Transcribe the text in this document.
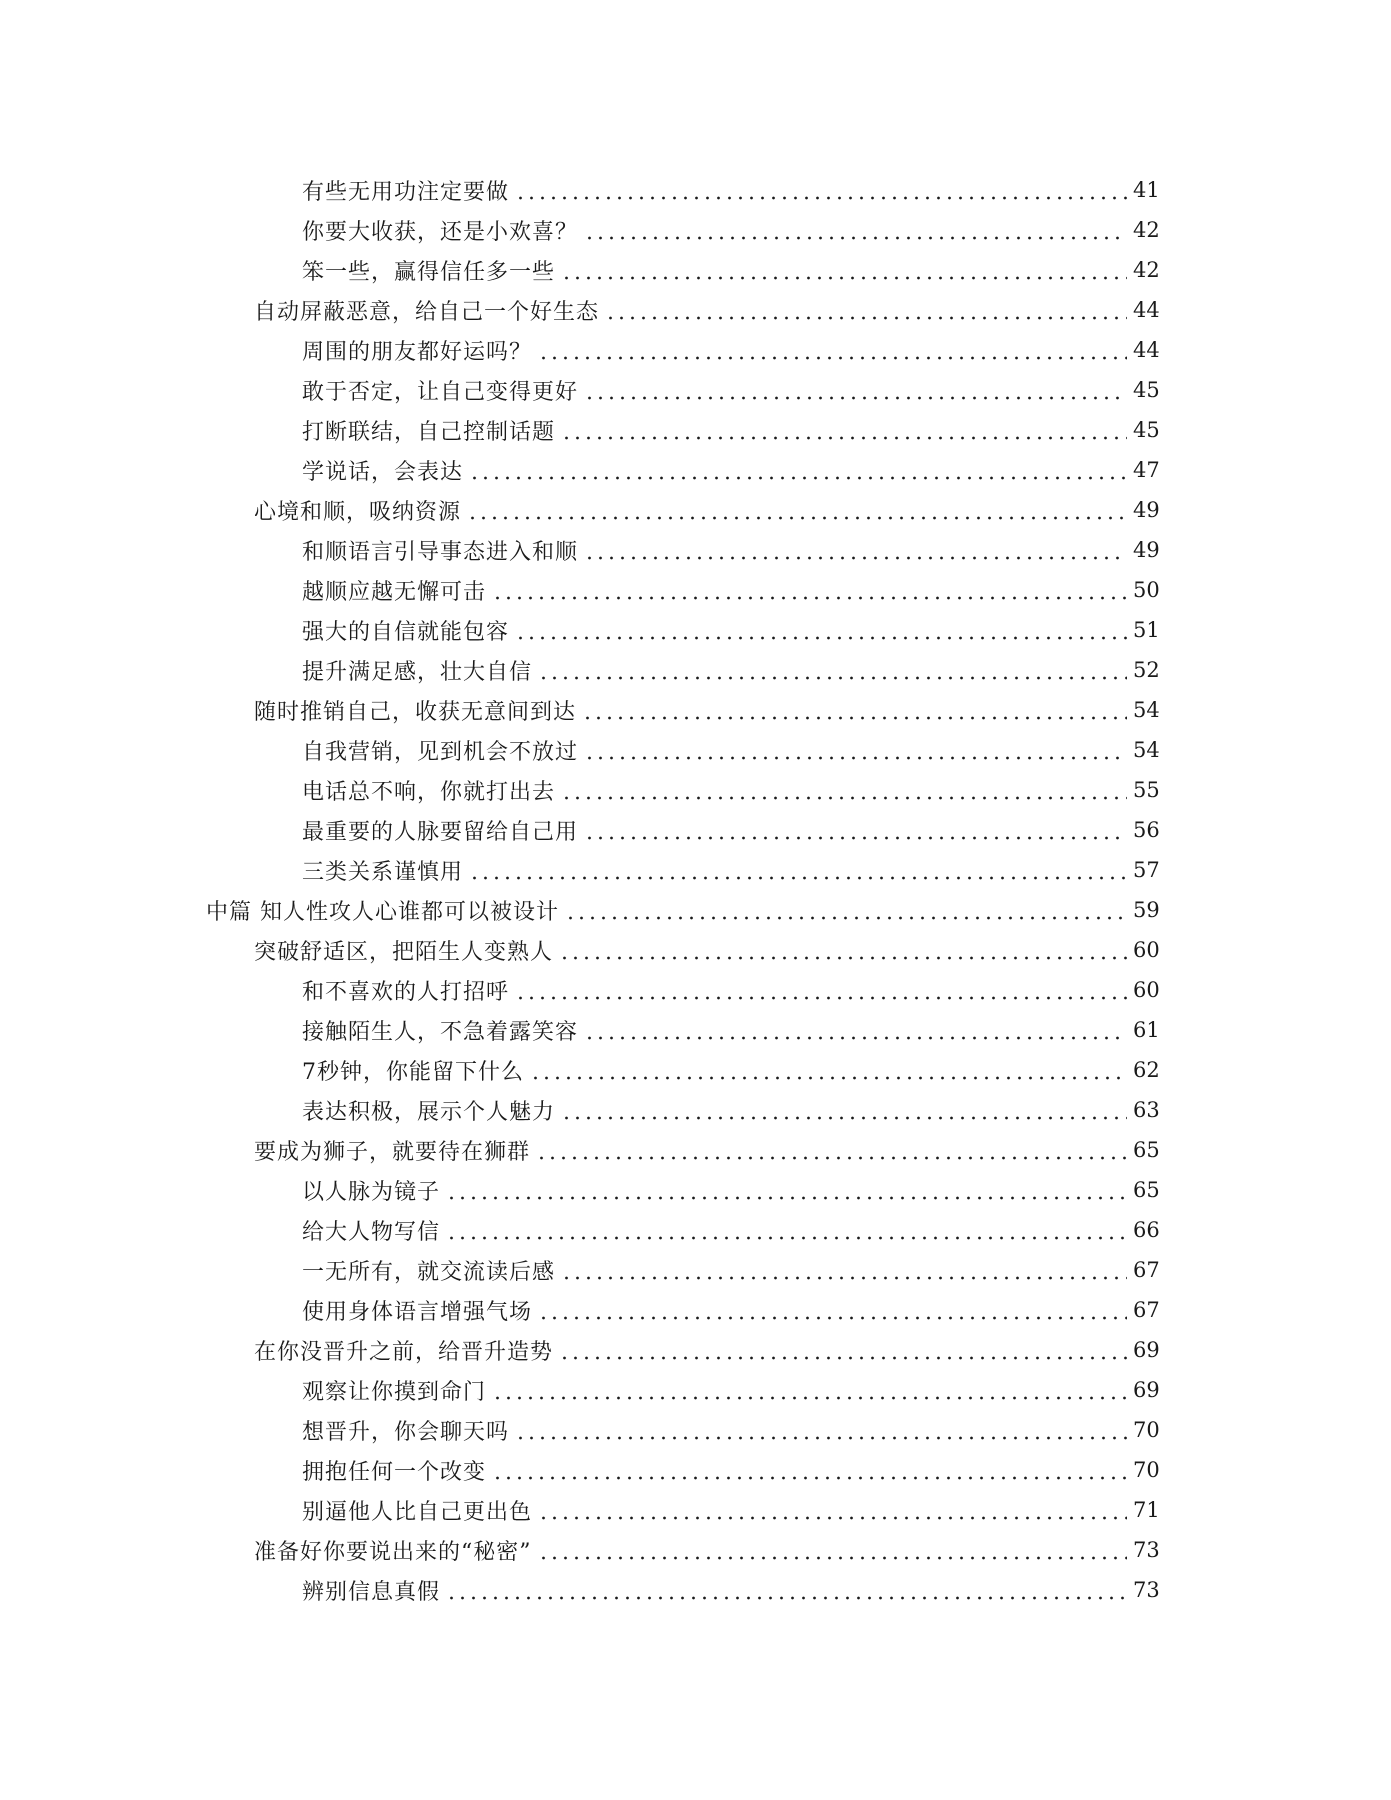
有些无用功注定要做	41
你要大收获，还是小欢喜？	42
笨一些，赢得信任多一些	42
自动屏蔽恶意，给自己一个好生态	44
周围的朋友都好运吗？	44
敢于否定，让自己变得更好	45
打断联结，自己控制话题	45
学说话，会表达	47
心境和顺，吸纳资源	49
和顺语言引导事态进入和顺	49
越顺应越无懈可击	50
强大的自信就能包容	51
提升满足感，壮大自信	52
随时推销自己，收获无意间到达	54
自我营销，见到机会不放过	54
电话总不响，你就打出去	55
最重要的人脉要留给自己用	56
三类关系谨慎用	57
中篇 知人性攻人心谁都可以被设计	59
突破舒适区，把陌生人变熟人	60
和不喜欢的人打招呼	60
接触陌生人，不急着露笑容	61
7秒钟，你能留下什么	62
表达积极，展示个人魅力	63
要成为狮子，就要待在狮群	65
以人脉为镜子	65
给大人物写信	66
一无所有，就交流读后感	67
使用身体语言增强气场	67
在你没晋升之前，给晋升造势	69
观察让你摸到命门	69
想晋升，你会聊天吗	70
拥抱任何一个改变	70
别逼他人比自己更出色	71
准备好你要说出来的“秘密”	73
辨别信息真假	73
